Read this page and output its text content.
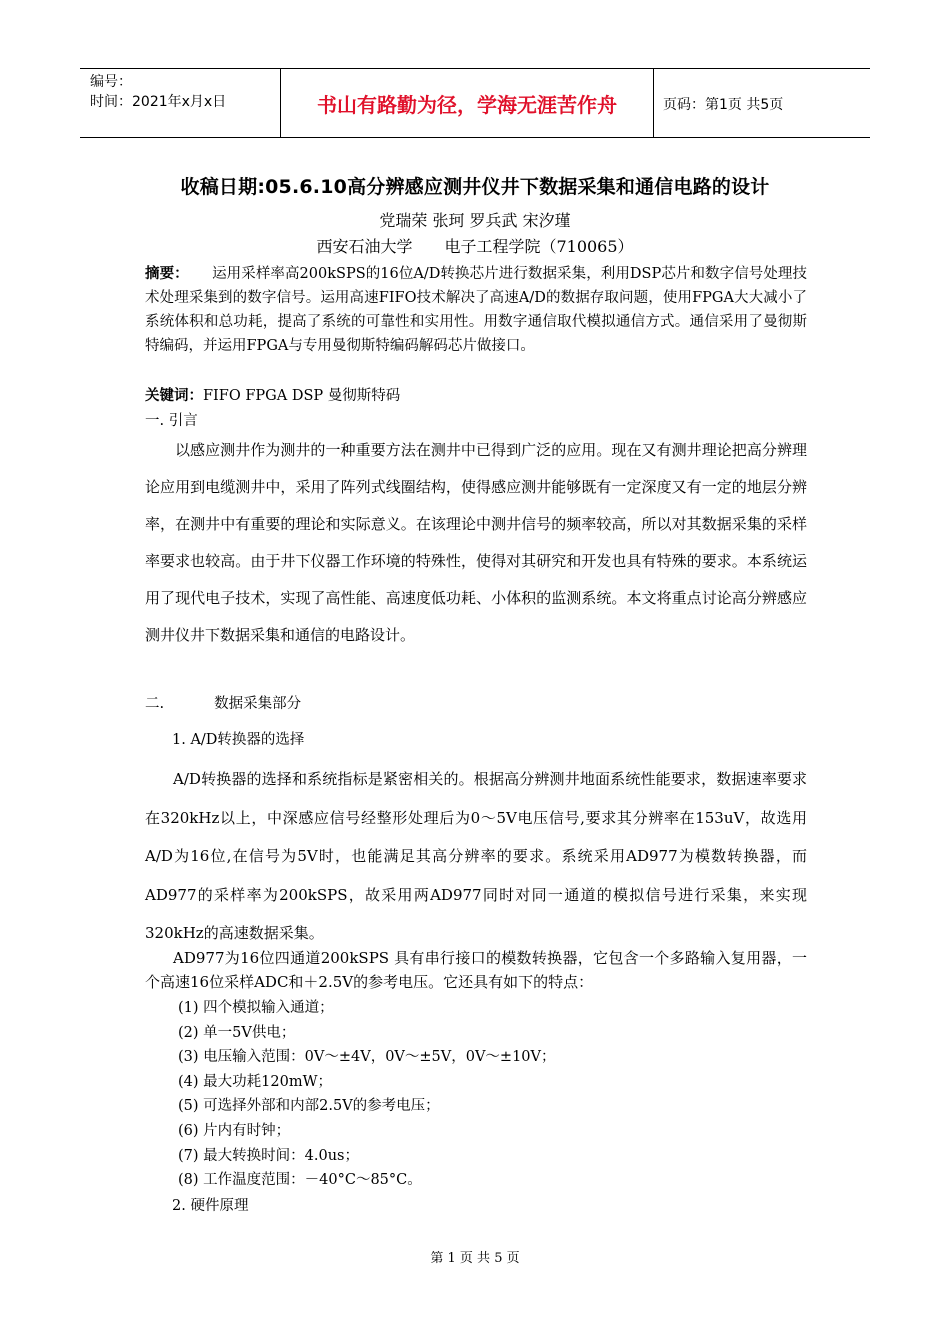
编号：
时间：2021年x月x日	书山有路勤为径，学海无涯苦作舟	页码：第1页 共5页
收稿日期:05.6.10高分辨感应测井仪井下数据采集和通信电路的设计
党瑞荣 张珂 罗兵武 宋汐瑾
西安石油大学　　电子工程学院（710065）
摘要： 运用采样率高200kSPS的16位A/D转换芯片进行数据采集，利用DSP芯片和数字信号处理技术处理采集到的数字信号。运用高速FIFO技术解决了高速A/D的数据存取问题，使用FPGA大大减小了系统体积和总功耗，提高了系统的可靠性和实用性。用数字通信取代模拟通信方式。通信采用了曼彻斯特编码，并运用FPGA与专用曼彻斯特编码解码芯片做接口。
关键词：FIFO FPGA DSP 曼彻斯特码
一. 引言
以感应测井作为测井的一种重要方法在测井中已得到广泛的应用。现在又有测井理论把高分辨理论应用到电缆测井中，采用了阵列式线圈结构，使得感应测井能够既有一定深度又有一定的地层分辨率，在测井中有重要的理论和实际意义。在该理论中测井信号的频率较高，所以对其数据采集的采样率要求也较高。由于井下仪器工作环境的特殊性，使得对其研究和开发也具有特殊的要求。本系统运用了现代电子技术，实现了高性能、高速度低功耗、小体积的监测系统。本文将重点讨论高分辨感应测井仪井下数据采集和通信的电路设计。
二.	数据采集部分
1. A/D转换器的选择
A/D转换器的选择和系统指标是紧密相关的。根据高分辨测井地面系统性能要求，数据速率要求在320kHz以上，中深感应信号经整形处理后为0～5V电压信号,要求其分辨率在153uV，故选用A/D为16位,在信号为5V时，也能满足其高分辨率的要求。系统采用AD977为模数转换器，而AD977的采样率为200kSPS，故采用两AD977同时对同一通道的模拟信号进行采集，来实现320kHz的高速数据采集。
AD977为16位四通道200kSPS 具有串行接口的模数转换器，它包含一个多路输入复用器，一个高速16位采样ADC和＋2.5V的参考电压。它还具有如下的特点：
(1) 四个模拟输入通道；
(2) 单一5V供电；
(3) 电压输入范围：0V～±4V，0V～±5V，0V～±10V；
(4) 最大功耗120mW；
(5) 可选择外部和内部2.5V的参考电压；
(6) 片内有时钟；
(7) 最大转换时间：4.0us；
(8) 工作温度范围：－40°C～85°C。
2. 硬件原理
第 1 页 共 5 页
